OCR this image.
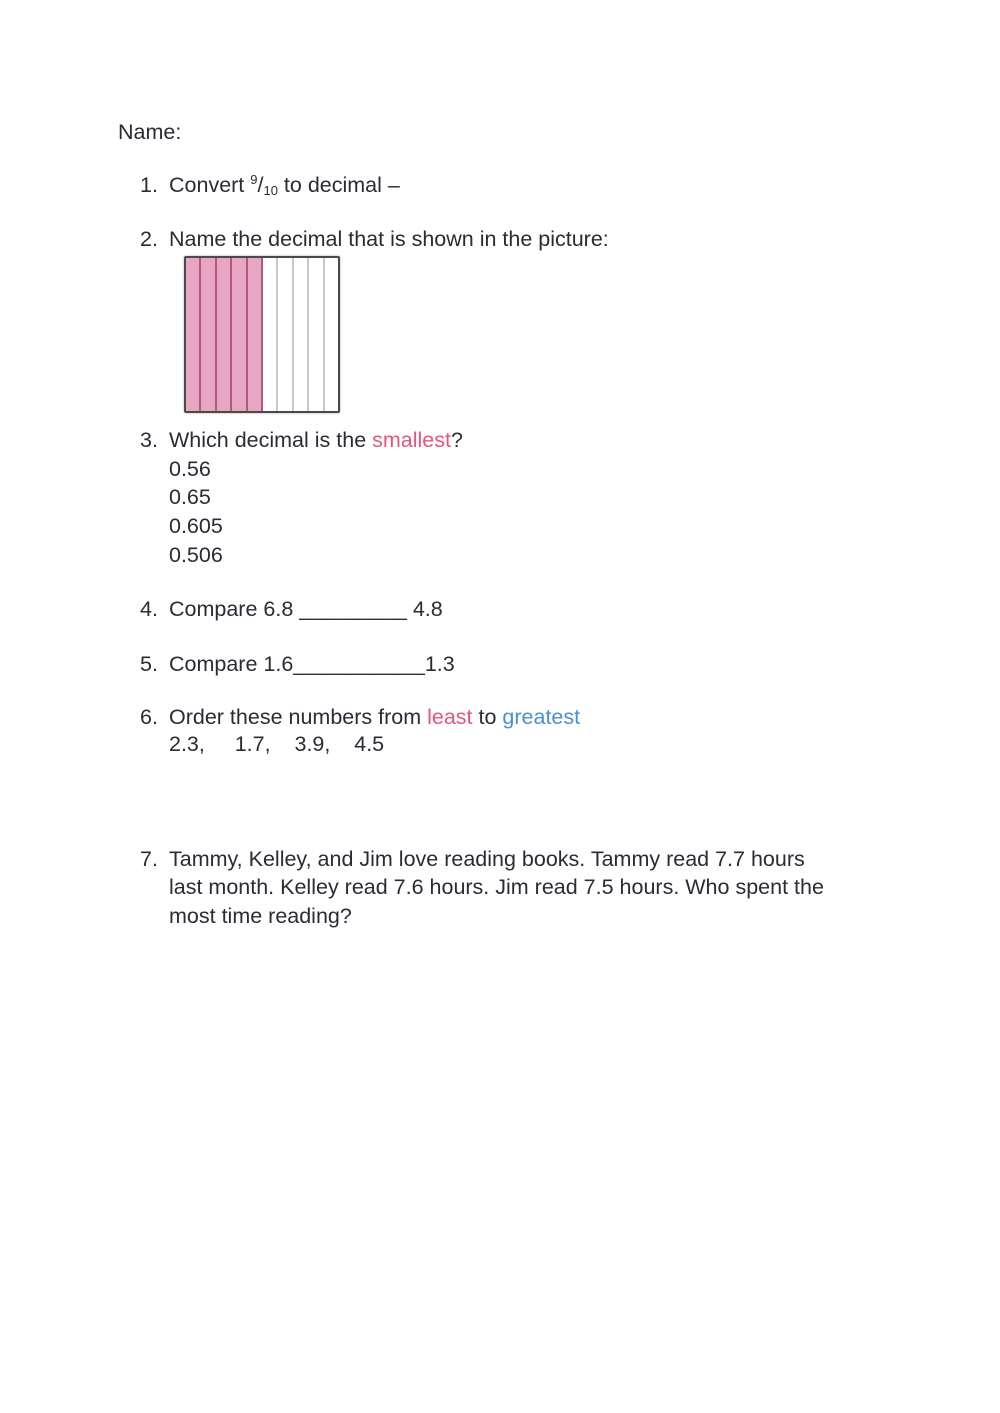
Name:
1. Convert $^9/_{10}$ to decimal –
2. Name the decimal that is shown in the picture:
3. Which decimal is the smallest?
0.56
0.65
0.605
0.506
4. Compare 6.8 _________ 4.8
5. Compare 1.6___________1.3
6. Order these numbers from least to greatest
2.3,     1.7,    3.9,    4.5
7. Tammy, Kelley, and Jim love reading books. Tammy read 7.7 hours
last month. Kelley read 7.6 hours. Jim read 7.5 hours. Who spent the
most time reading?
